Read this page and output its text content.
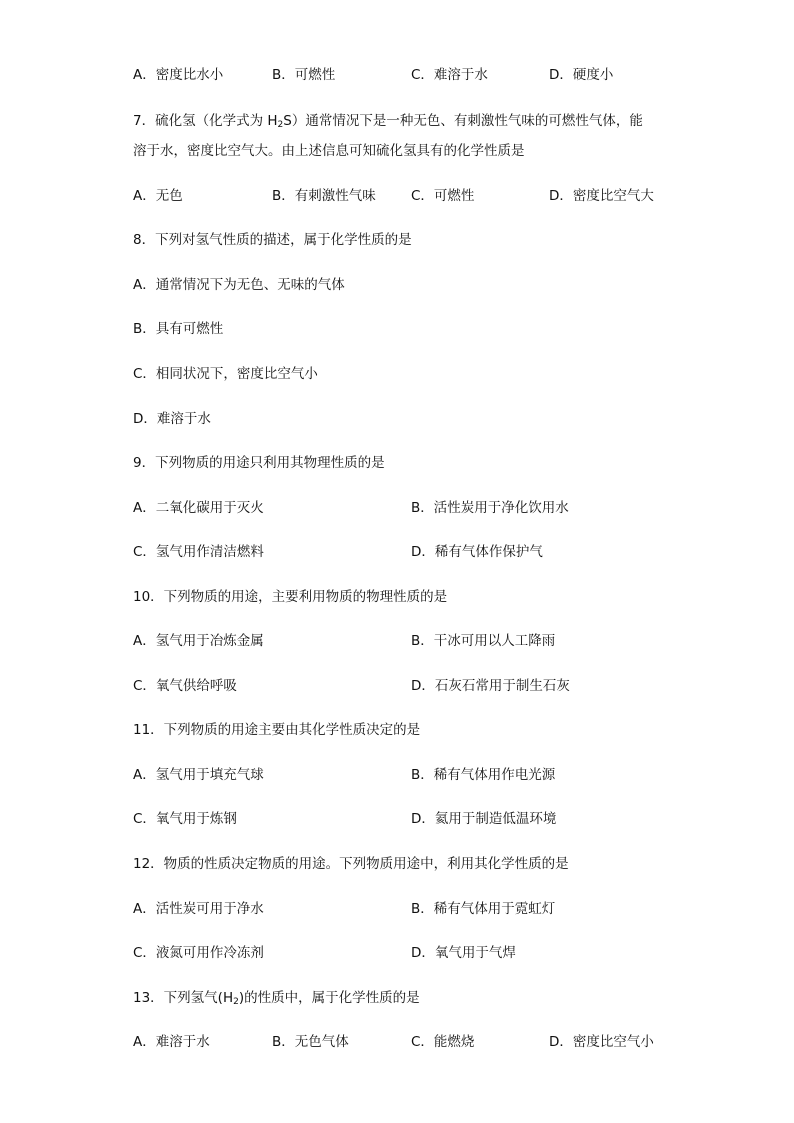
A．密度比水小	B．可燃性	C．难溶于水	D．硬度小
7．硫化氢（化学式为 $H_2S$）通常情况下是一种无色、有刺激性气味的可燃性气体，能
溶于水，密度比空气大。由上述信息可知硫化氢具有的化学性质是
A．无色	B．有刺激性气味	C．可燃性	D．密度比空气大
8．下列对氢气性质的描述，属于化学性质的是
A．通常情况下为无色、无味的气体
B．具有可燃性
C．相同状况下，密度比空气小
D．难溶于水
9．下列物质的用途只利用其物理性质的是
A．二氧化碳用于灭火	B．活性炭用于净化饮用水
C．氢气用作清洁燃料	D．稀有气体作保护气
10．下列物质的用途，主要利用物质的物理性质的是
A．氢气用于冶炼金属	B．干冰可用以人工降雨
C．氧气供给呼吸	D．石灰石常用于制生石灰
11．下列物质的用途主要由其化学性质决定的是
A．氢气用于填充气球	B．稀有气体用作电光源
C．氧气用于炼钢	D．氦用于制造低温环境
12．物质的性质决定物质的用途。下列物质用途中，利用其化学性质的是
A．活性炭可用于净水	B．稀有气体用于霓虹灯
C．液氮可用作冷冻剂	D．氧气用于气焊
13．下列氢气$(H_2)$的性质中，属于化学性质的是
A．难溶于水	B．无色气体	C．能燃烧	D．密度比空气小
